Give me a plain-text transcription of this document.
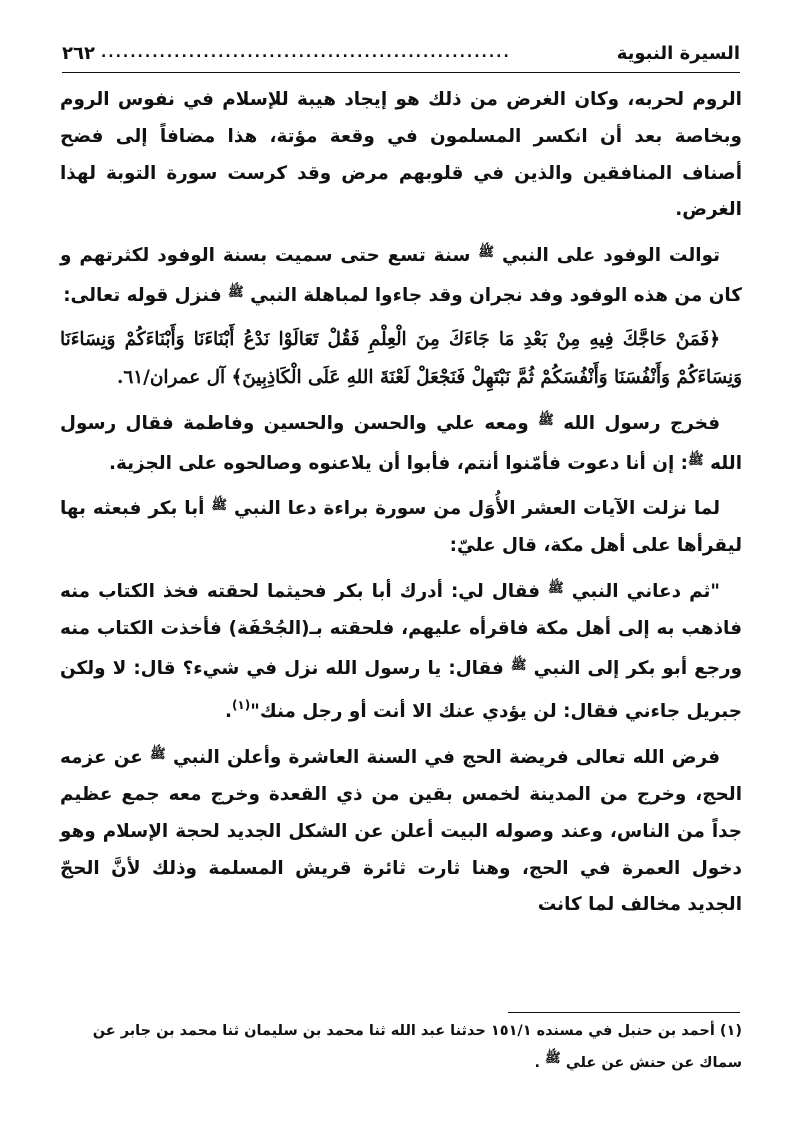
السيرة النبوية
........................................................
٢٦٢

الروم لحربه، وكان الغرض من ذلك هو إيجاد هيبة للإسلام في نفوس الروم وبخاصة بعد أن انكسر المسلمون في وقعة مؤتة، هذا مضافاً إلى فضح أصناف المنافقين والذين في قلوبهم مرض وقد كرست سورة التوبة لهذا الغرض.

توالت الوفود على النبي $^ﷺ$ سنة تسع حتى سميت بسنة الوفود لكثرتهم و كان من هذه الوفود وفد نجران وقد جاءوا لمباهلة النبي $^ﷺ$ فنزل قوله تعالى:

﴿فَمَنْ حَاجَّكَ فِيهِ مِنْ بَعْدِ مَا جَاءَكَ مِنَ الْعِلْمِ فَقُلْ تَعَالَوْا نَدْعُ أَبْنَاءَنَا وَأَبْنَاءَكُمْ وَنِسَاءَنَا وَنِسَاءَكُمْ وَأَنْفُسَنَا وَأَنْفُسَكُمْ ثُمَّ نَبْتَهِلْ فَنَجْعَلْ لَعْنَةَ اللهِ عَلَى الْكَاذِبِينَ﴾ آل عمران/٦١.

فخرج رسول الله $^ﷺ$ ومعه علي والحسن والحسين وفاطمة فقال رسول الله $^ﷺ$: إن أنا دعوت فأمّنوا أنتم، فأبوا أن يلاعنوه وصالحوه على الجزية.

لما نزلت الآيات العشر الأُوَل من سورة براءة دعا النبي $^ﷺ$ أبا بكر فبعثه بها ليقرأها على أهل مكة، قال عليّ:

"ثم دعاني النبي $^ﷺ$ فقال لي: أدرك أبا بكر فحيثما لحقته فخذ الكتاب منه فاذهب به إلى أهل مكة فاقرأه عليهم، فلحقته بـ(الجُحْفَة) فأخذت الكتاب منه ورجع أبو بكر إلى النبي $^ﷺ$ فقال: يا رسول الله نزل في شيء؟ قال: لا ولكن جبريل جاءني فقال: لن يؤدي عنك الا أنت أو رجل منك"$^{(١)}$.

فرض الله تعالى فريضة الحج في السنة العاشرة وأعلن النبي $^ﷺ$ عن عزمه الحج، وخرج من المدينة لخمس بقين من ذي القعدة وخرج معه جمع عظيم جداً من الناس، وعند وصوله البيت أعلن عن الشكل الجديد لحجة الإسلام وهو دخول العمرة في الحج، وهنا ثارت ثائرة قريش المسلمة وذلك لأنَّ الحجّ الجديد مخالف لما كانت

(١) أحمد بن حنبل في مسنده ١٥١/١ حدثنا عبد الله ثنا محمد بن سليمان ثنا محمد بن جابر عن سماك عن حنش عن علي ﷺ .
